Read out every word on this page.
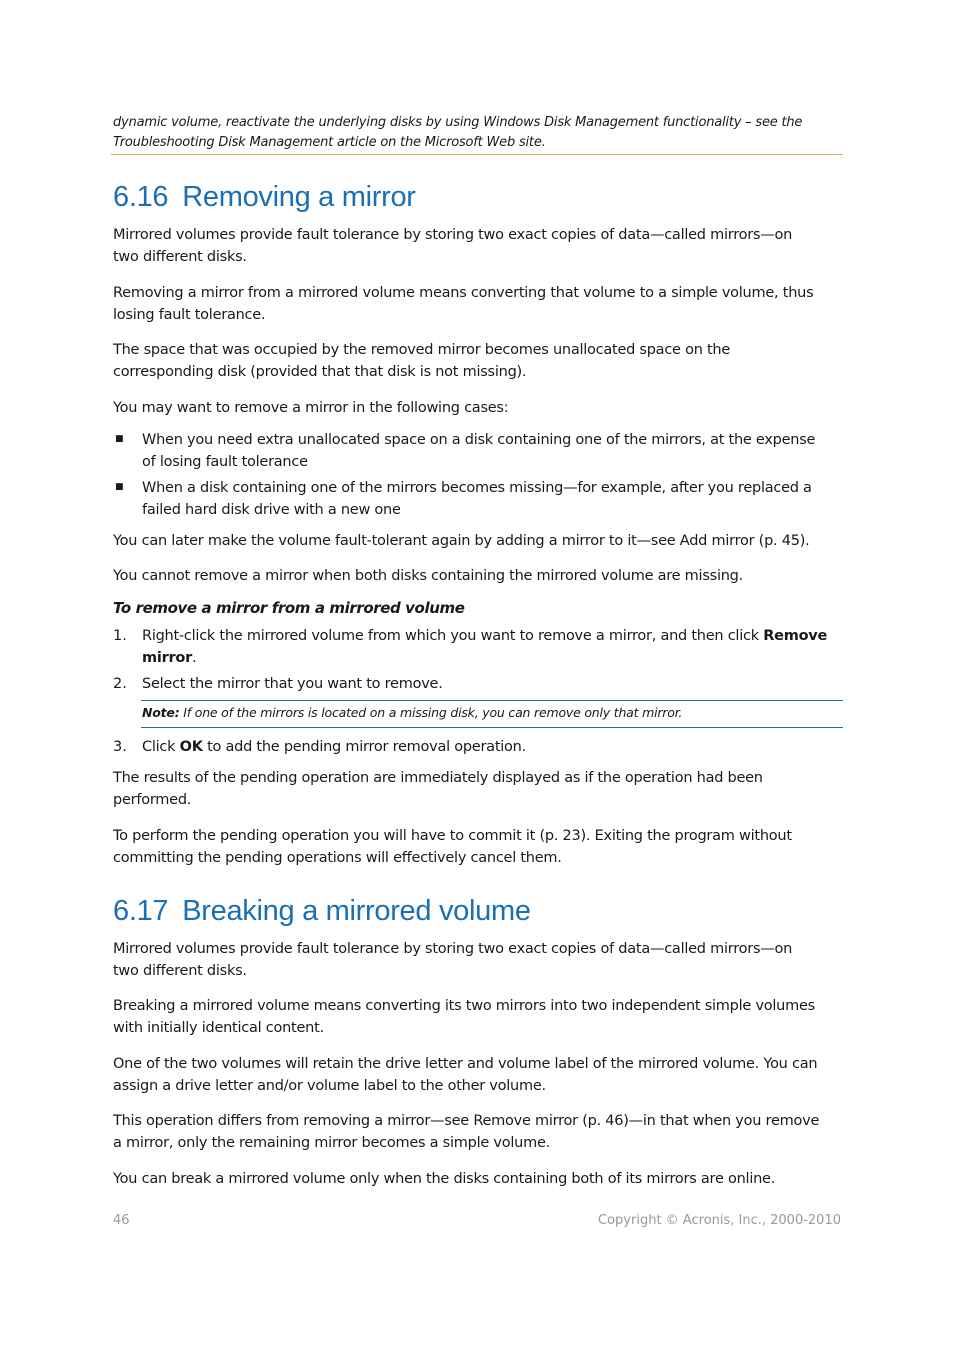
dynamic volume, reactivate the underlying disks by using Windows Disk Management functionality – see the
Troubleshooting Disk Management article on the Microsoft Web site.
6.16 Removing a mirror

Mirrored volumes provide fault tolerance by storing two exact copies of data—called mirrors—on
two different disks.

Removing a mirror from a mirrored volume means converting that volume to a simple volume, thus
losing fault tolerance.

The space that was occupied by the removed mirror becomes unallocated space on the
corresponding disk (provided that that disk is not missing).

You may want to remove a mirror in the following cases:

■ When you need extra unallocated space on a disk containing one of the mirrors, at the expense
of losing fault tolerance
■ When a disk containing one of the mirrors becomes missing—for example, after you replaced a
failed hard disk drive with a new one

You can later make the volume fault-tolerant again by adding a mirror to it—see Add mirror (p. 45).

You cannot remove a mirror when both disks containing the mirrored volume are missing.

To remove a mirror from a mirrored volume
1. Right-click the mirrored volume from which you want to remove a mirror, and then click Remove
mirror.
2. Select the mirror that you want to remove.
Note: If one of the mirrors is located on a missing disk, you can remove only that mirror.
3. Click OK to add the pending mirror removal operation.

The results of the pending operation are immediately displayed as if the operation had been
performed.

To perform the pending operation you will have to commit it (p. 23). Exiting the program without
committing the pending operations will effectively cancel them.

6.17 Breaking a mirrored volume

Mirrored volumes provide fault tolerance by storing two exact copies of data—called mirrors—on
two different disks.

Breaking a mirrored volume means converting its two mirrors into two independent simple volumes
with initially identical content.

One of the two volumes will retain the drive letter and volume label of the mirrored volume. You can
assign a drive letter and/or volume label to the other volume.

This operation differs from removing a mirror—see Remove mirror (p. 46)—in that when you remove
a mirror, only the remaining mirror becomes a simple volume.

You can break a mirrored volume only when the disks containing both of its mirrors are online.

46	Copyright © Acronis, Inc., 2000-2010
